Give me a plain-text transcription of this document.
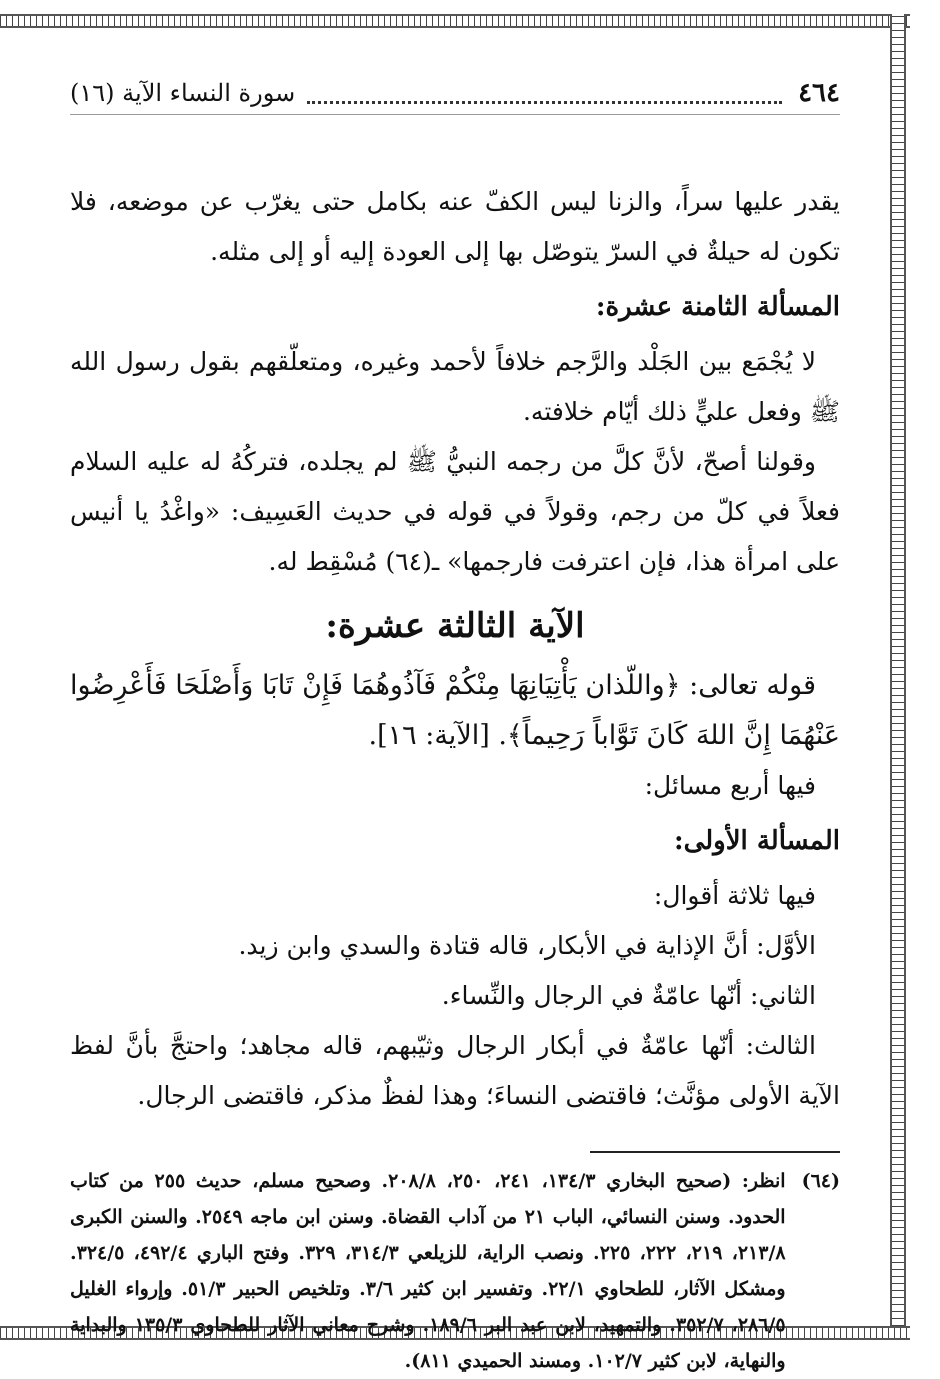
٤٦٤
سورة النساء الآية (١٦)

يقدر عليها سراً، والزنا ليس الكفّ عنه بكامل حتى يغرّب عن موضعه، فلا تكون له حيلةٌ في السرّ يتوصّل بها إلى العودة إليه أو إلى مثله.

المسألة الثامنة عشرة:

لا يُجْمَع بين الجَلْد والرَّجم خلافاً لأحمد وغيره، ومتعلّقهم بقول رسول الله ﷺ وفعل عليٍّ ذلك أيّام خلافته.

وقولنا أصحّ، لأنَّ كلَّ من رجمه النبيُّ ﷺ لم يجلده، فتركُهُ له عليه السلام فعلاً في كلّ من رجم، وقولاً في قوله في حديث العَسِيف: «واغْدُ يا أنيس على امرأة هذا، فإن اعترفت فارجمها» ـ(٦٤) مُسْقِط له.

الآية الثالثة عشرة:

قوله تعالى: ﴿واللّذان يَأْتِيَانِهَا مِنْكُمْ فَآذُوهُمَا فَإِنْ تَابَا وَأَصْلَحَا فَأَعْرِضُوا عَنْهُمَا إِنَّ اللهَ كَانَ تَوَّاباً رَحِيماً﴾. [الآية: ١٦].

فيها أربع مسائل:

المسألة الأولى:

فيها ثلاثة أقوال:

الأوَّل: أنَّ الإذاية في الأبكار، قاله قتادة والسدي وابن زيد.

الثاني: أنّها عامّةٌ في الرجال والنِّساء.

الثالث: أنّها عامّةٌ في أبكار الرجال وثيّبهم، قاله مجاهد؛ واحتجَّ بأنَّ لفظ الآية الأولى مؤنَّث؛ فاقتضى النساءَ؛ وهذا لفظٌ مذكر، فاقتضى الرجال.

(٦٤)
انظر: (صحيح البخاري ١٣٤/٣، ٢٤١، ٢٥٠، ٢٠٨/٨. وصحيح مسلم، حديث ٢٥٥ من كتاب الحدود. وسنن النسائي، الباب ٢١ من آداب القضاة. وسنن ابن ماجه ٢٥٤٩. والسنن الكبرى ٢١٣/٨، ٢١٩، ٢٢٢، ٢٢٥. ونصب الراية، للزيلعي ٣١٤/٣، ٣٢٩. وفتح الباري ٤٩٢/٤، ٣٢٤/٥. ومشكل الآثار، للطحاوي ٢٢/١. وتفسير ابن كثير ٣/٦. وتلخيص الحبير ٥١/٣. وإرواء الغليل ٢٨٦/٥، ٣٥٢/٧. والتمهيد، لابن عبد البر ١٨٩/٦. وشرح معاني الآثار للطحاوي ١٣٥/٣ والبداية والنهاية، لابن كثير ١٠٢/٧. ومسند الحميدي ٨١١).
